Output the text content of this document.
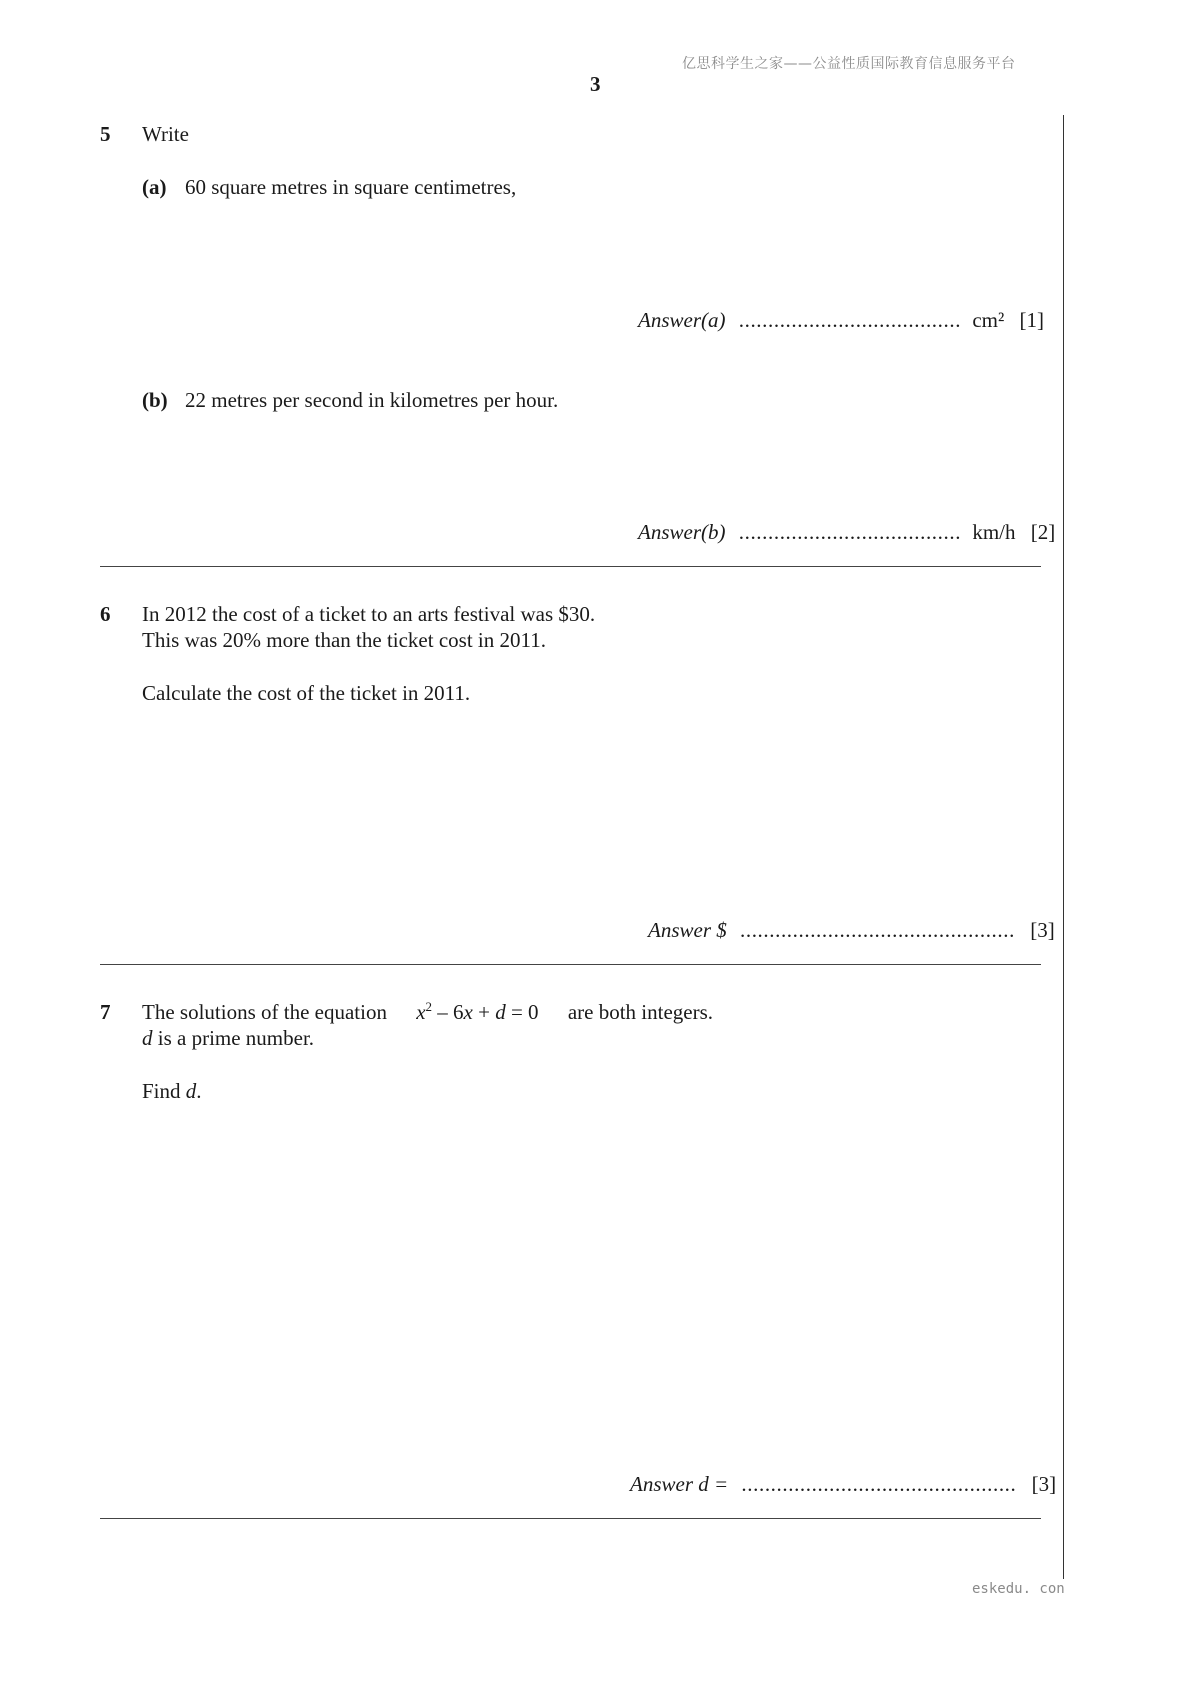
亿思科学生之家——公益性质国际教育信息服务平台
3
5 Write
(a) 60 square metres in square centimetres,
Answer(a) ...................................... cm² [1]
(b) 22 metres per second in kilometres per hour.
Answer(b) ...................................... km/h [2]
6 In 2012 the cost of a ticket to an arts festival was $30.
This was 20% more than the ticket cost in 2011.
Calculate the cost of the ticket in 2011.
Answer $ ............................................... [3]
7 The solutions of the equation $x^2 - 6x + d = 0$ are both integers.
d is a prime number.
Find d.
Answer d = ............................................... [3]
eskedu. con
